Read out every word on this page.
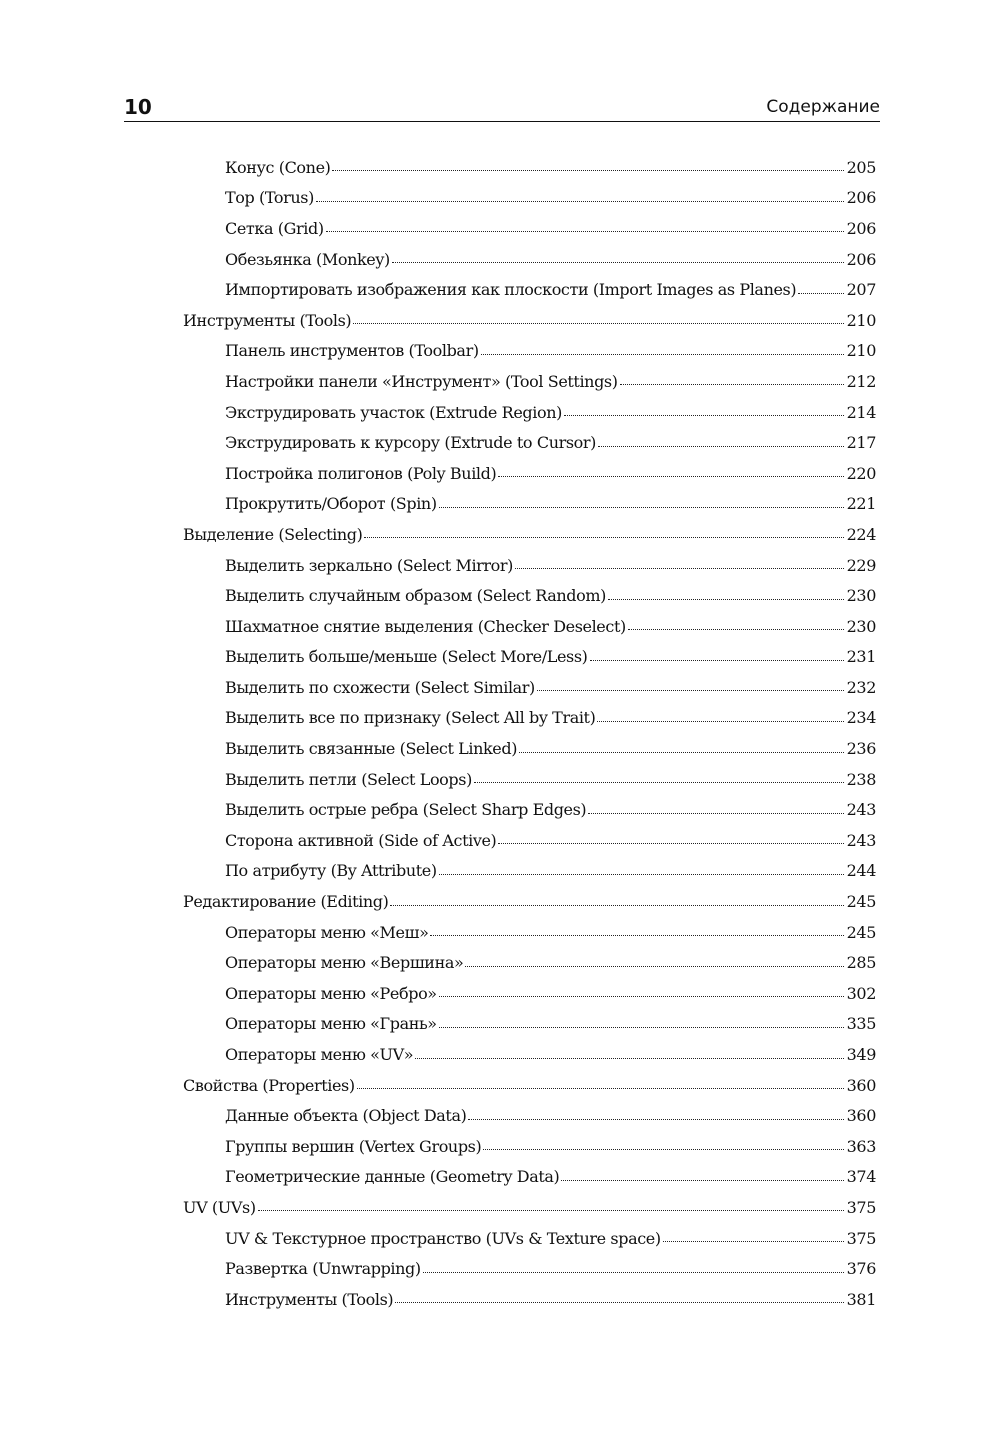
10	Содержание
Конус (Cone)	205
Тор (Torus)	206
Сетка (Grid)	206
Обезьянка (Monkey)	206
Импортировать изображения как плоскости (Import Images as Planes)	207
Инструменты (Tools)	210
Панель инструментов (Toolbar)	210
Настройки панели «Инструмент» (Tool Settings)	212
Экструдировать участок (Extrude Region)	214
Экструдировать к курсору (Extrude to Cursor)	217
Постройка полигонов (Poly Build)	220
Прокрутить/Оборот (Spin)	221
Выделение (Selecting)	224
Выделить зеркально (Select Mirror)	229
Выделить случайным образом (Select Random)	230
Шахматное снятие выделения (Checker Deselect)	230
Выделить больше/меньше (Select More/Less)	231
Выделить по схожести (Select Similar)	232
Выделить все по признаку (Select All by Trait)	234
Выделить связанные (Select Linked)	236
Выделить петли (Select Loops)	238
Выделить острые ребра (Select Sharp Edges)	243
Сторона активной (Side of Active)	243
По атрибуту (By Attribute)	244
Редактирование (Editing)	245
Операторы меню «Меш»	245
Операторы меню «Вершина»	285
Операторы меню «Ребро»	302
Операторы меню «Грань»	335
Операторы меню «UV»	349
Свойства (Properties)	360
Данные объекта (Object Data)	360
Группы вершин (Vertex Groups)	363
Геометрические данные (Geometry Data)	374
UV (UVs)	375
UV & Текстурное пространство (UVs & Texture space)	375
Развертка (Unwrapping)	376
Инструменты (Tools)	381
